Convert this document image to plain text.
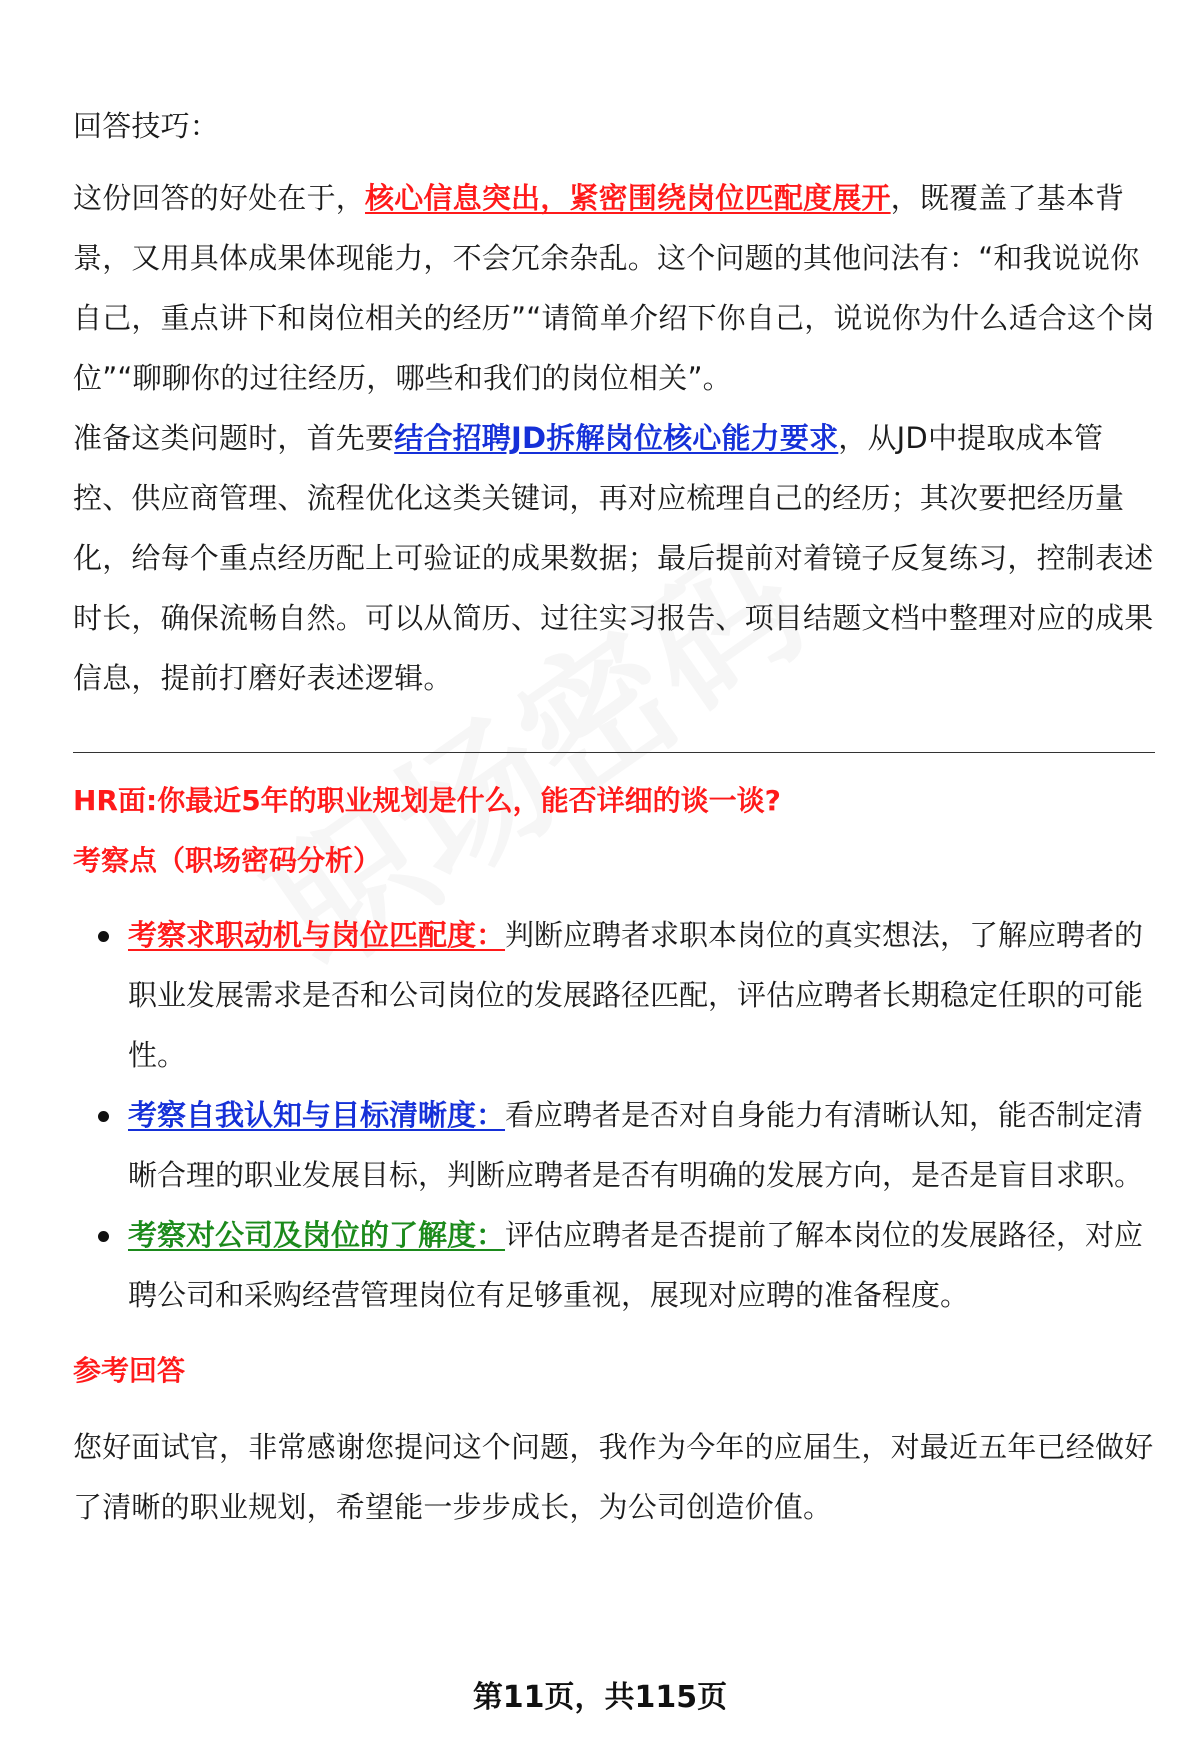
回答技巧：

这份回答的好处在于，核心信息突出，紧密围绕岗位匹配度展开，既覆盖了基本背景，又用具体成果体现能力，不会冗余杂乱。这个问题的其他问法有：“和我说说你自己，重点讲下和岗位相关的经历”“请简单介绍下你自己，说说你为什么适合这个岗位”“聊聊你的过往经历，哪些和我们的岗位相关”。

准备这类问题时，首先要结合招聘JD拆解岗位核心能力要求，从JD中提取成本管控、供应商管理、流程优化这类关键词，再对应梳理自己的经历；其次要把经历量化，给每个重点经历配上可验证的成果数据；最后提前对着镜子反复练习，控制表述时长，确保流畅自然。可以从简历、过往实习报告、项目结题文档中整理对应的成果信息，提前打磨好表述逻辑。

HR面:你最近5年的职业规划是什么，能否详细的谈一谈?

考察点（职场密码分析）

考察求职动机与岗位匹配度：判断应聘者求职本岗位的真实想法，了解应聘者的职业发展需求是否和公司岗位的发展路径匹配，评估应聘者长期稳定任职的可能性。
考察自我认知与目标清晰度：看应聘者是否对自身能力有清晰认知，能否制定清晰合理的职业发展目标，判断应聘者是否有明确的发展方向，是否是盲目求职。
考察对公司及岗位的了解度：评估应聘者是否提前了解本岗位的发展路径，对应聘公司和采购经营管理岗位有足够重视，展现对应聘的准备程度。

参考回答

您好面试官，非常感谢您提问这个问题，我作为今年的应届生，对最近五年已经做好了清晰的职业规划，希望能一步步成长，为公司创造价值。

第11页，共115页
